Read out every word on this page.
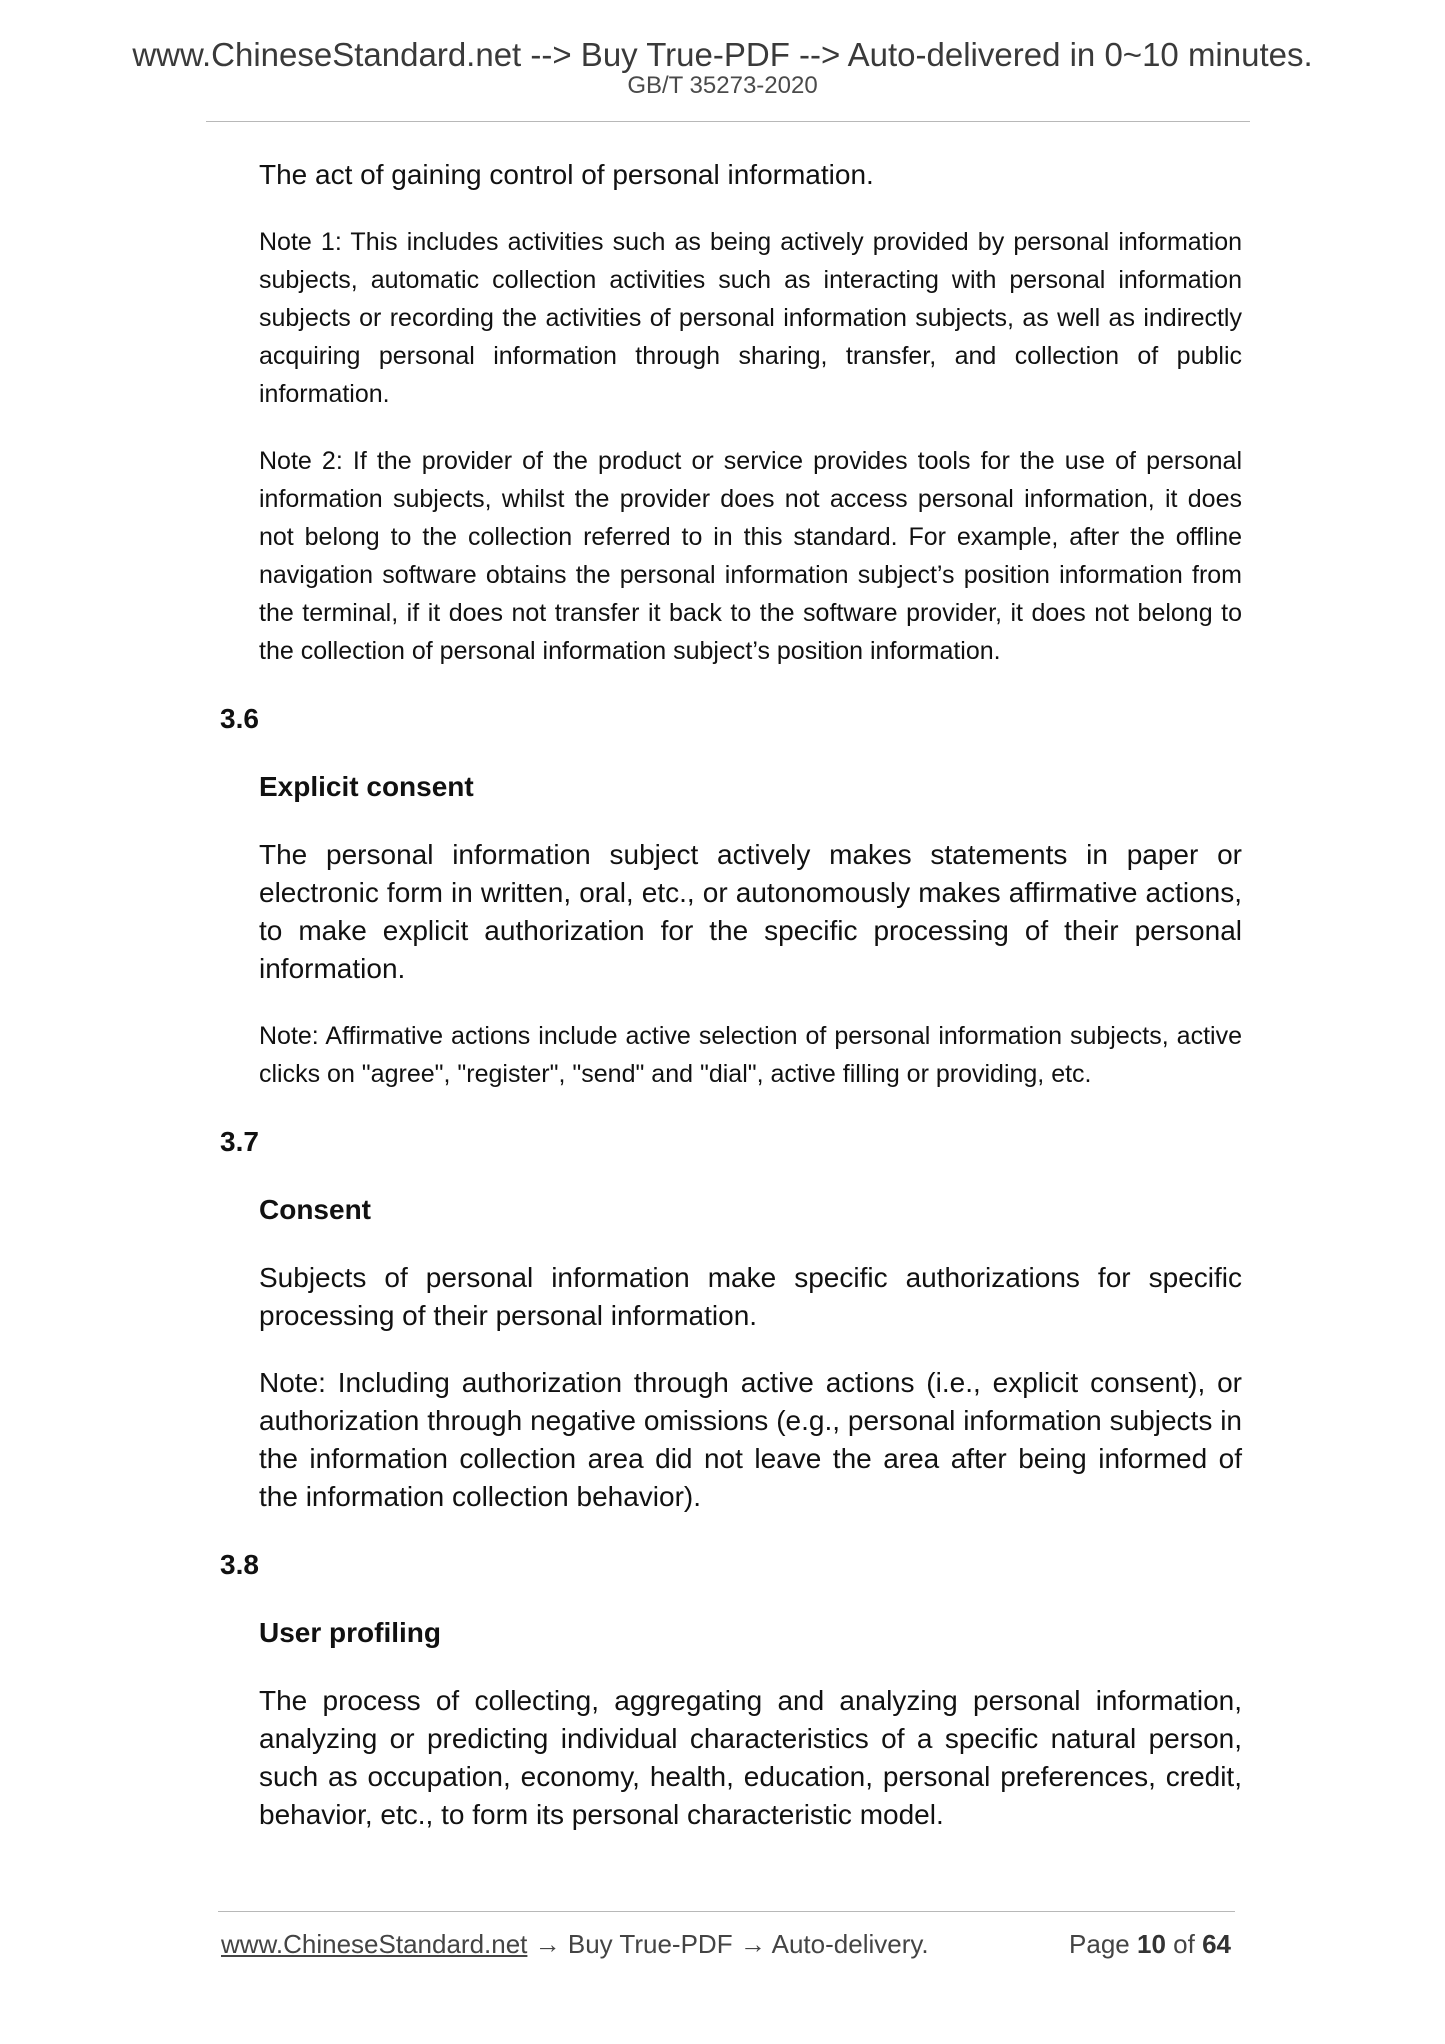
www.ChineseStandard.net --> Buy True-PDF --> Auto-delivered in 0~10 minutes.
GB/T 35273-2020

The act of gaining control of personal information.

Note 1: This includes activities such as being actively provided by personal information subjects, automatic collection activities such as interacting with personal information subjects or recording the activities of personal information subjects, as well as indirectly acquiring personal information through sharing, transfer, and collection of public information.

Note 2: If the provider of the product or service provides tools for the use of personal information subjects, whilst the provider does not access personal information, it does not belong to the collection referred to in this standard. For example, after the offline navigation software obtains the personal information subject’s position information from the terminal, if it does not transfer it back to the software provider, it does not belong to the collection of personal information subject’s position information.

3.6

Explicit consent

The personal information subject actively makes statements in paper or electronic form in written, oral, etc., or autonomously makes affirmative actions, to make explicit authorization for the specific processing of their personal information.

Note: Affirmative actions include active selection of personal information subjects, active clicks on "agree", "register", "send" and "dial", active filling or providing, etc.

3.7

Consent

Subjects of personal information make specific authorizations for specific processing of their personal information.

Note: Including authorization through active actions (i.e., explicit consent), or authorization through negative omissions (e.g., personal information subjects in the information collection area did not leave the area after being informed of the information collection behavior).

3.8

User profiling

The process of collecting, aggregating and analyzing personal information, analyzing or predicting individual characteristics of a specific natural person, such as occupation, economy, health, education, personal preferences, credit, behavior, etc., to form its personal characteristic model.

www.ChineseStandard.net → Buy True-PDF → Auto-delivery.	Page 10 of 64
